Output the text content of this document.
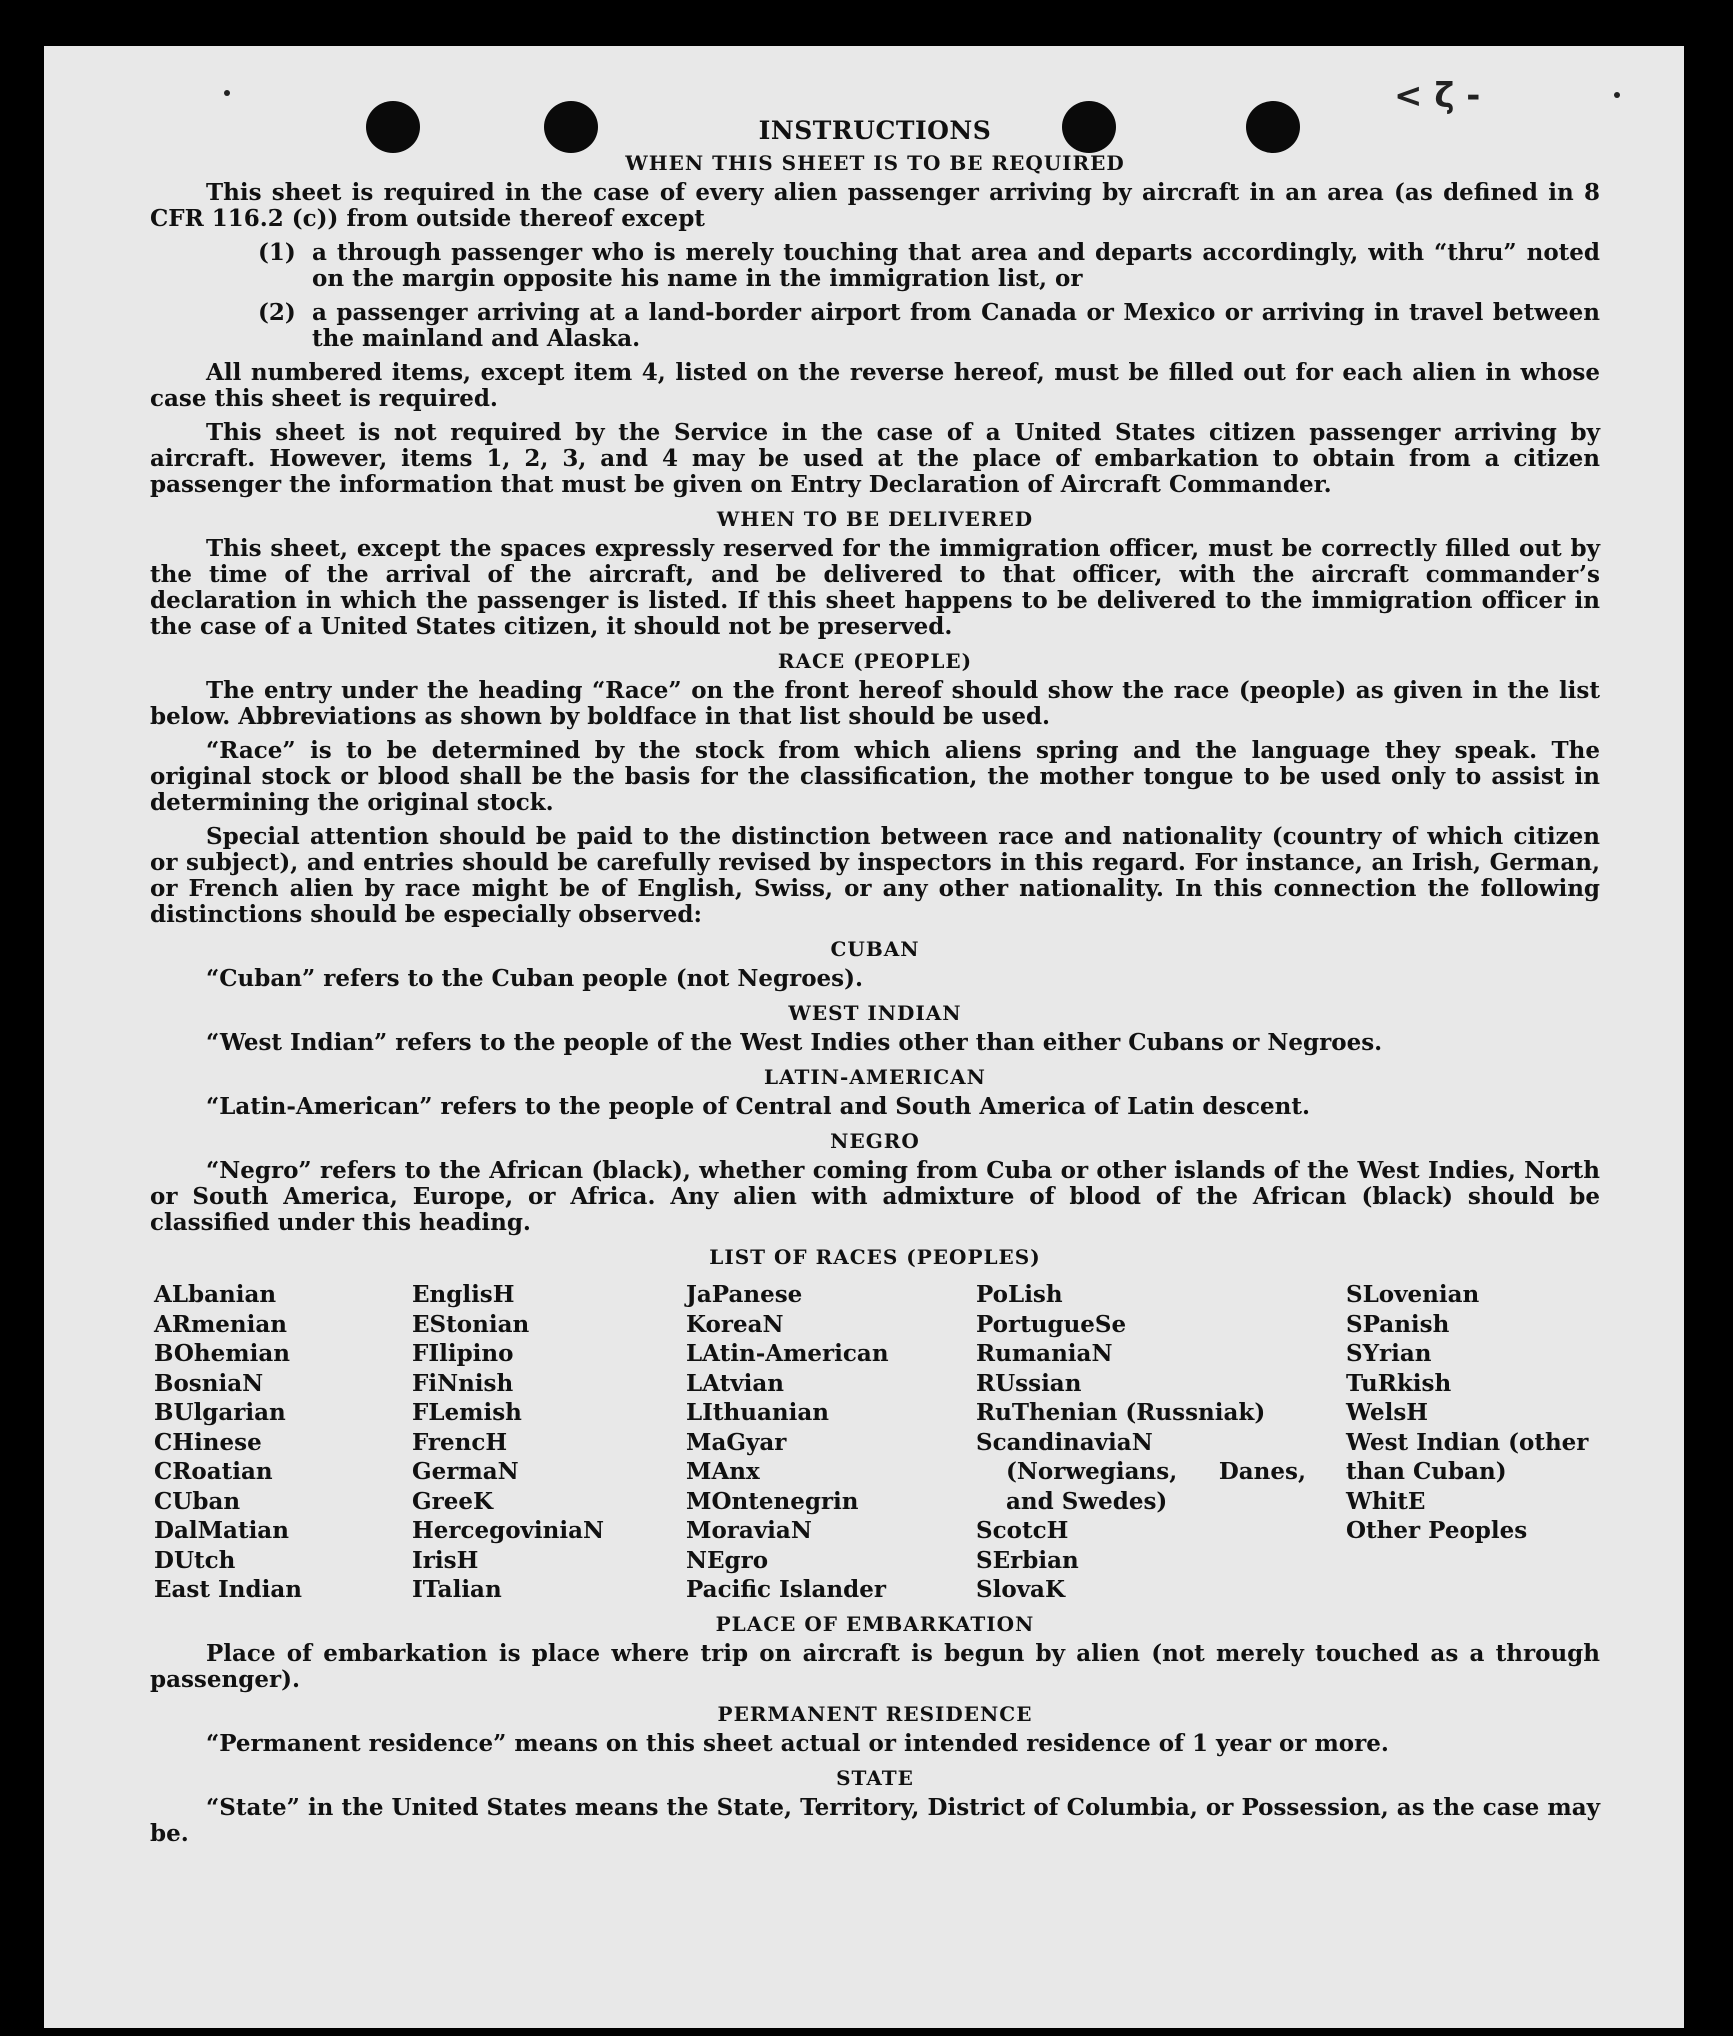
< ζ -
INSTRUCTIONS
WHEN THIS SHEET IS TO BE REQUIRED
This sheet is required in the case of every alien passenger arriving by aircraft in an area (as defined in 8 CFR 116.2 (c)) from outside thereof except
(1) a through passenger who is merely touching that area and departs accordingly, with “thru” noted on the margin opposite his name in the immigration list, or
(2) a passenger arriving at a land-border airport from Canada or Mexico or arriving in travel between the mainland and Alaska.
All numbered items, except item 4, listed on the reverse hereof, must be filled out for each alien in whose case this sheet is required.
This sheet is not required by the Service in the case of a United States citizen passenger arriving by aircraft. However, items 1, 2, 3, and 4 may be used at the place of embarkation to obtain from a citizen passenger the information that must be given on Entry Declaration of Aircraft Commander.
WHEN TO BE DELIVERED
This sheet, except the spaces expressly reserved for the immigration officer, must be correctly filled out by the time of the arrival of the aircraft, and be delivered to that officer, with the aircraft commander’s declaration in which the passenger is listed. If this sheet happens to be delivered to the immigration officer in the case of a United States citizen, it should not be preserved.
RACE (PEOPLE)
The entry under the heading “Race” on the front hereof should show the race (people) as given in the list below. Abbreviations as shown by boldface in that list should be used.
“Race” is to be determined by the stock from which aliens spring and the language they speak. The original stock or blood shall be the basis for the classification, the mother tongue to be used only to assist in determining the original stock.
Special attention should be paid to the distinction between race and nationality (country of which citizen or subject), and entries should be carefully revised by inspectors in this regard. For instance, an Irish, German, or French alien by race might be of English, Swiss, or any other nationality. In this connection the following distinctions should be especially observed:
CUBAN
“Cuban” refers to the Cuban people (not Negroes).
WEST INDIAN
“West Indian” refers to the people of the West Indies other than either Cubans or Negroes.
LATIN-AMERICAN
“Latin-American” refers to the people of Central and South America of Latin descent.
NEGRO
“Negro” refers to the African (black), whether coming from Cuba or other islands of the West Indies, North or South America, Europe, or Africa. Any alien with admixture of blood of the African (black) should be classified under this heading.
LIST OF RACES (PEOPLES)
ALbanian
ARmenian
BOhemian
BosniaN
BUlgarian
CHinese
CRoatian
CUban
DalMatian
DUtch
East Indian
EnglisH
EStonian
FIlipino
FiNnish
FLemish
FrencH
GermaN
GreeK
HercegoviniaN
IrisH
ITalian
JaPanese
KoreaN
LAtin-American
LAtvian
LIthuanian
MaGyar
MAnx
MOntenegrin
MoraviaN
NEgro
Pacific Islander
PoLish
PortugueSe
RumaniaN
RUssian
RuThenian (Russniak)
ScandinaviaN (Norwegians, Danes, and Swedes)
ScotcH
SErbian
SlovaK
SLovenian
SPanish
SYrian
TuRkish
WelsH
West Indian (other than Cuban)
WhitE
Other Peoples
PLACE OF EMBARKATION
Place of embarkation is place where trip on aircraft is begun by alien (not merely touched as a through passenger).
PERMANENT RESIDENCE
“Permanent residence” means on this sheet actual or intended residence of 1 year or more.
STATE
“State” in the United States means the State, Territory, District of Columbia, or Possession, as the case may be.
